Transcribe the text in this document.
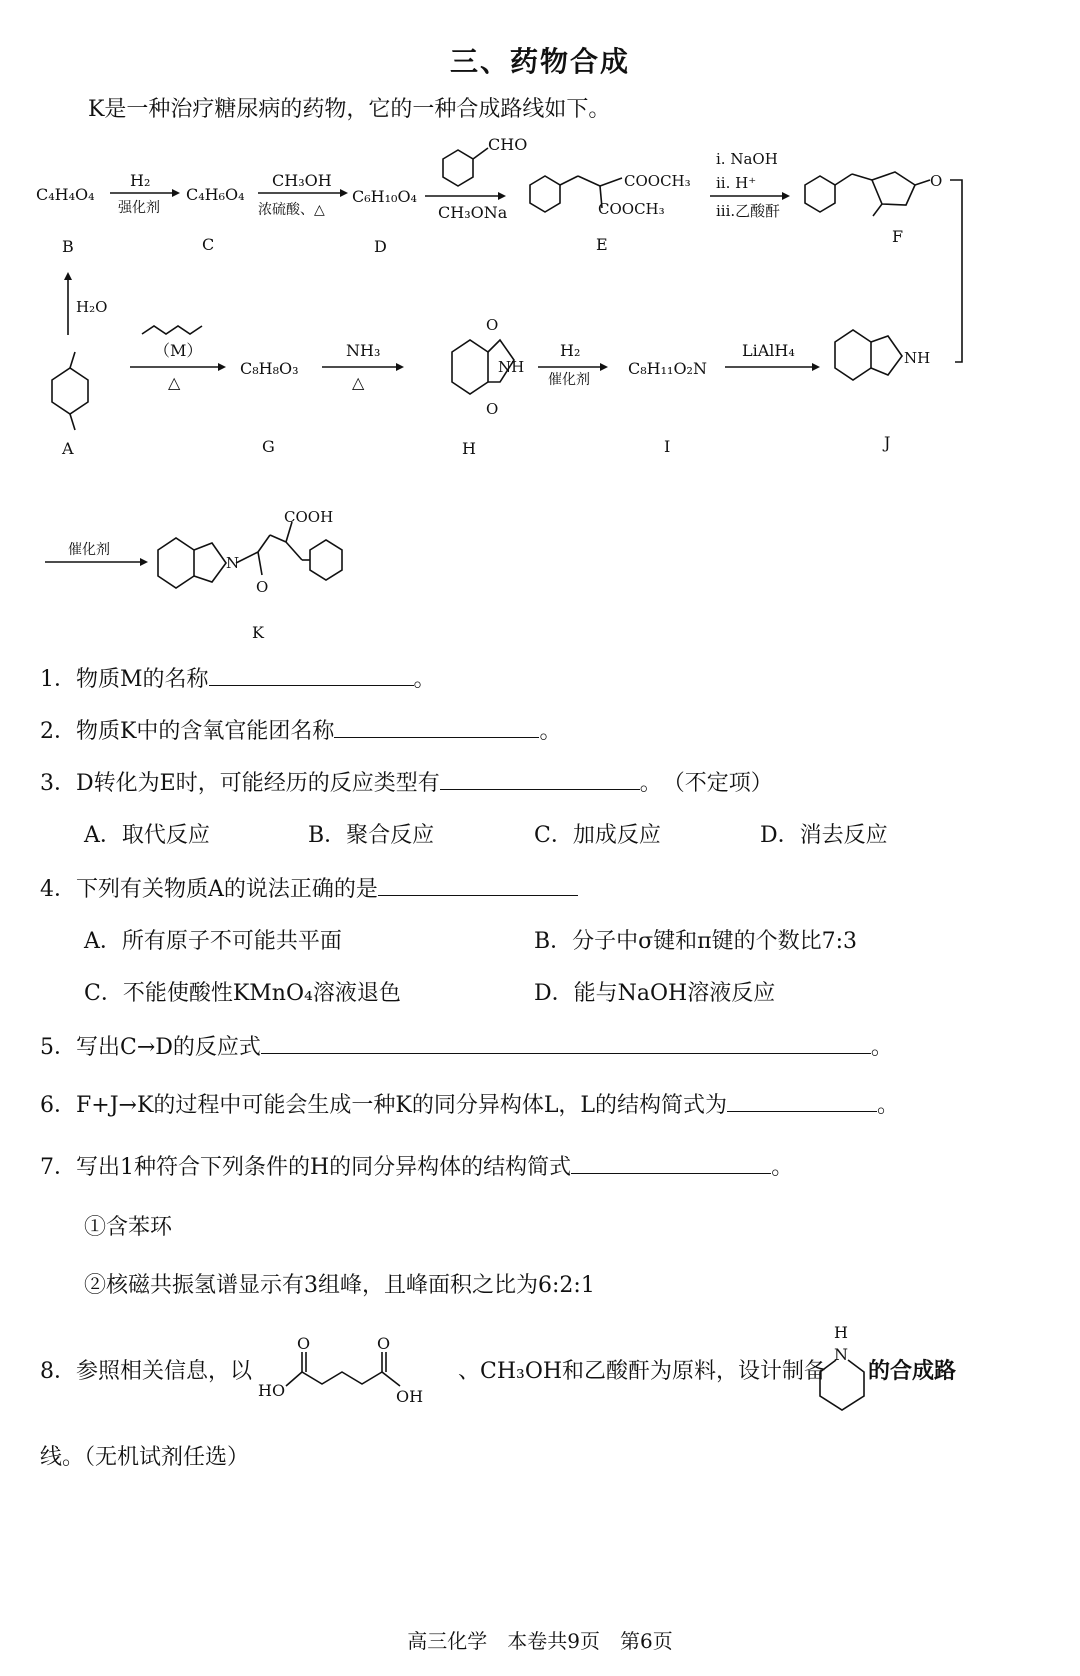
三、药物合成
K是一种治疗糖尿病的药物，它的一种合成路线如下。
C₄H₄O₄	C₄H₆O₄	C₆H₁₀O₄
H₂
强化剂
CH₃OH
浓硫酸、△
CHO
CH₃ONa
COOCH₃
COOCH₃
i. NaOH
ii. H⁺
iii.乙酸酐
O
B	C	D	E	F
H₂O
（M）
△
C₈H₈O₃
NH₃
△
NH
O
O
H₂
催化剂
C₈H₁₁O₂N
LiAlH₄	NH
A	G	H	I	J
催化剂
N
COOH
O
K
1．物质M的名称	。
2．物质K中的含氧官能团名称	。
3．D转化为E时，可能经历的反应类型有	。 （不定项）
A．取代反应	B．聚合反应	C．加成反应	D．消去反应
4．下列有关物质A的说法正确的是
A．所有原子不可能共平面	B．分子中σ键和π键的个数比7:3
C．不能使酸性KMnO₄溶液退色	D．能与NaOH溶液反应
5．写出C→D的反应式	。
6．F+J→K的过程中可能会生成一种K的同分异构体L，L的结构简式为	。
7．写出1种符合下列条件的H的同分异构体的结构简式	。
①含苯环
②核磁共振氢谱显示有3组峰，且峰面积之比为6:2:1
8．参照相关信息，以
HO	OH
O	O
、CH₃OH和乙酸酐为原料，设计制备
H
N
的合成路
线。（无机试剂任选）
高三化学　本卷共9页　第6页
